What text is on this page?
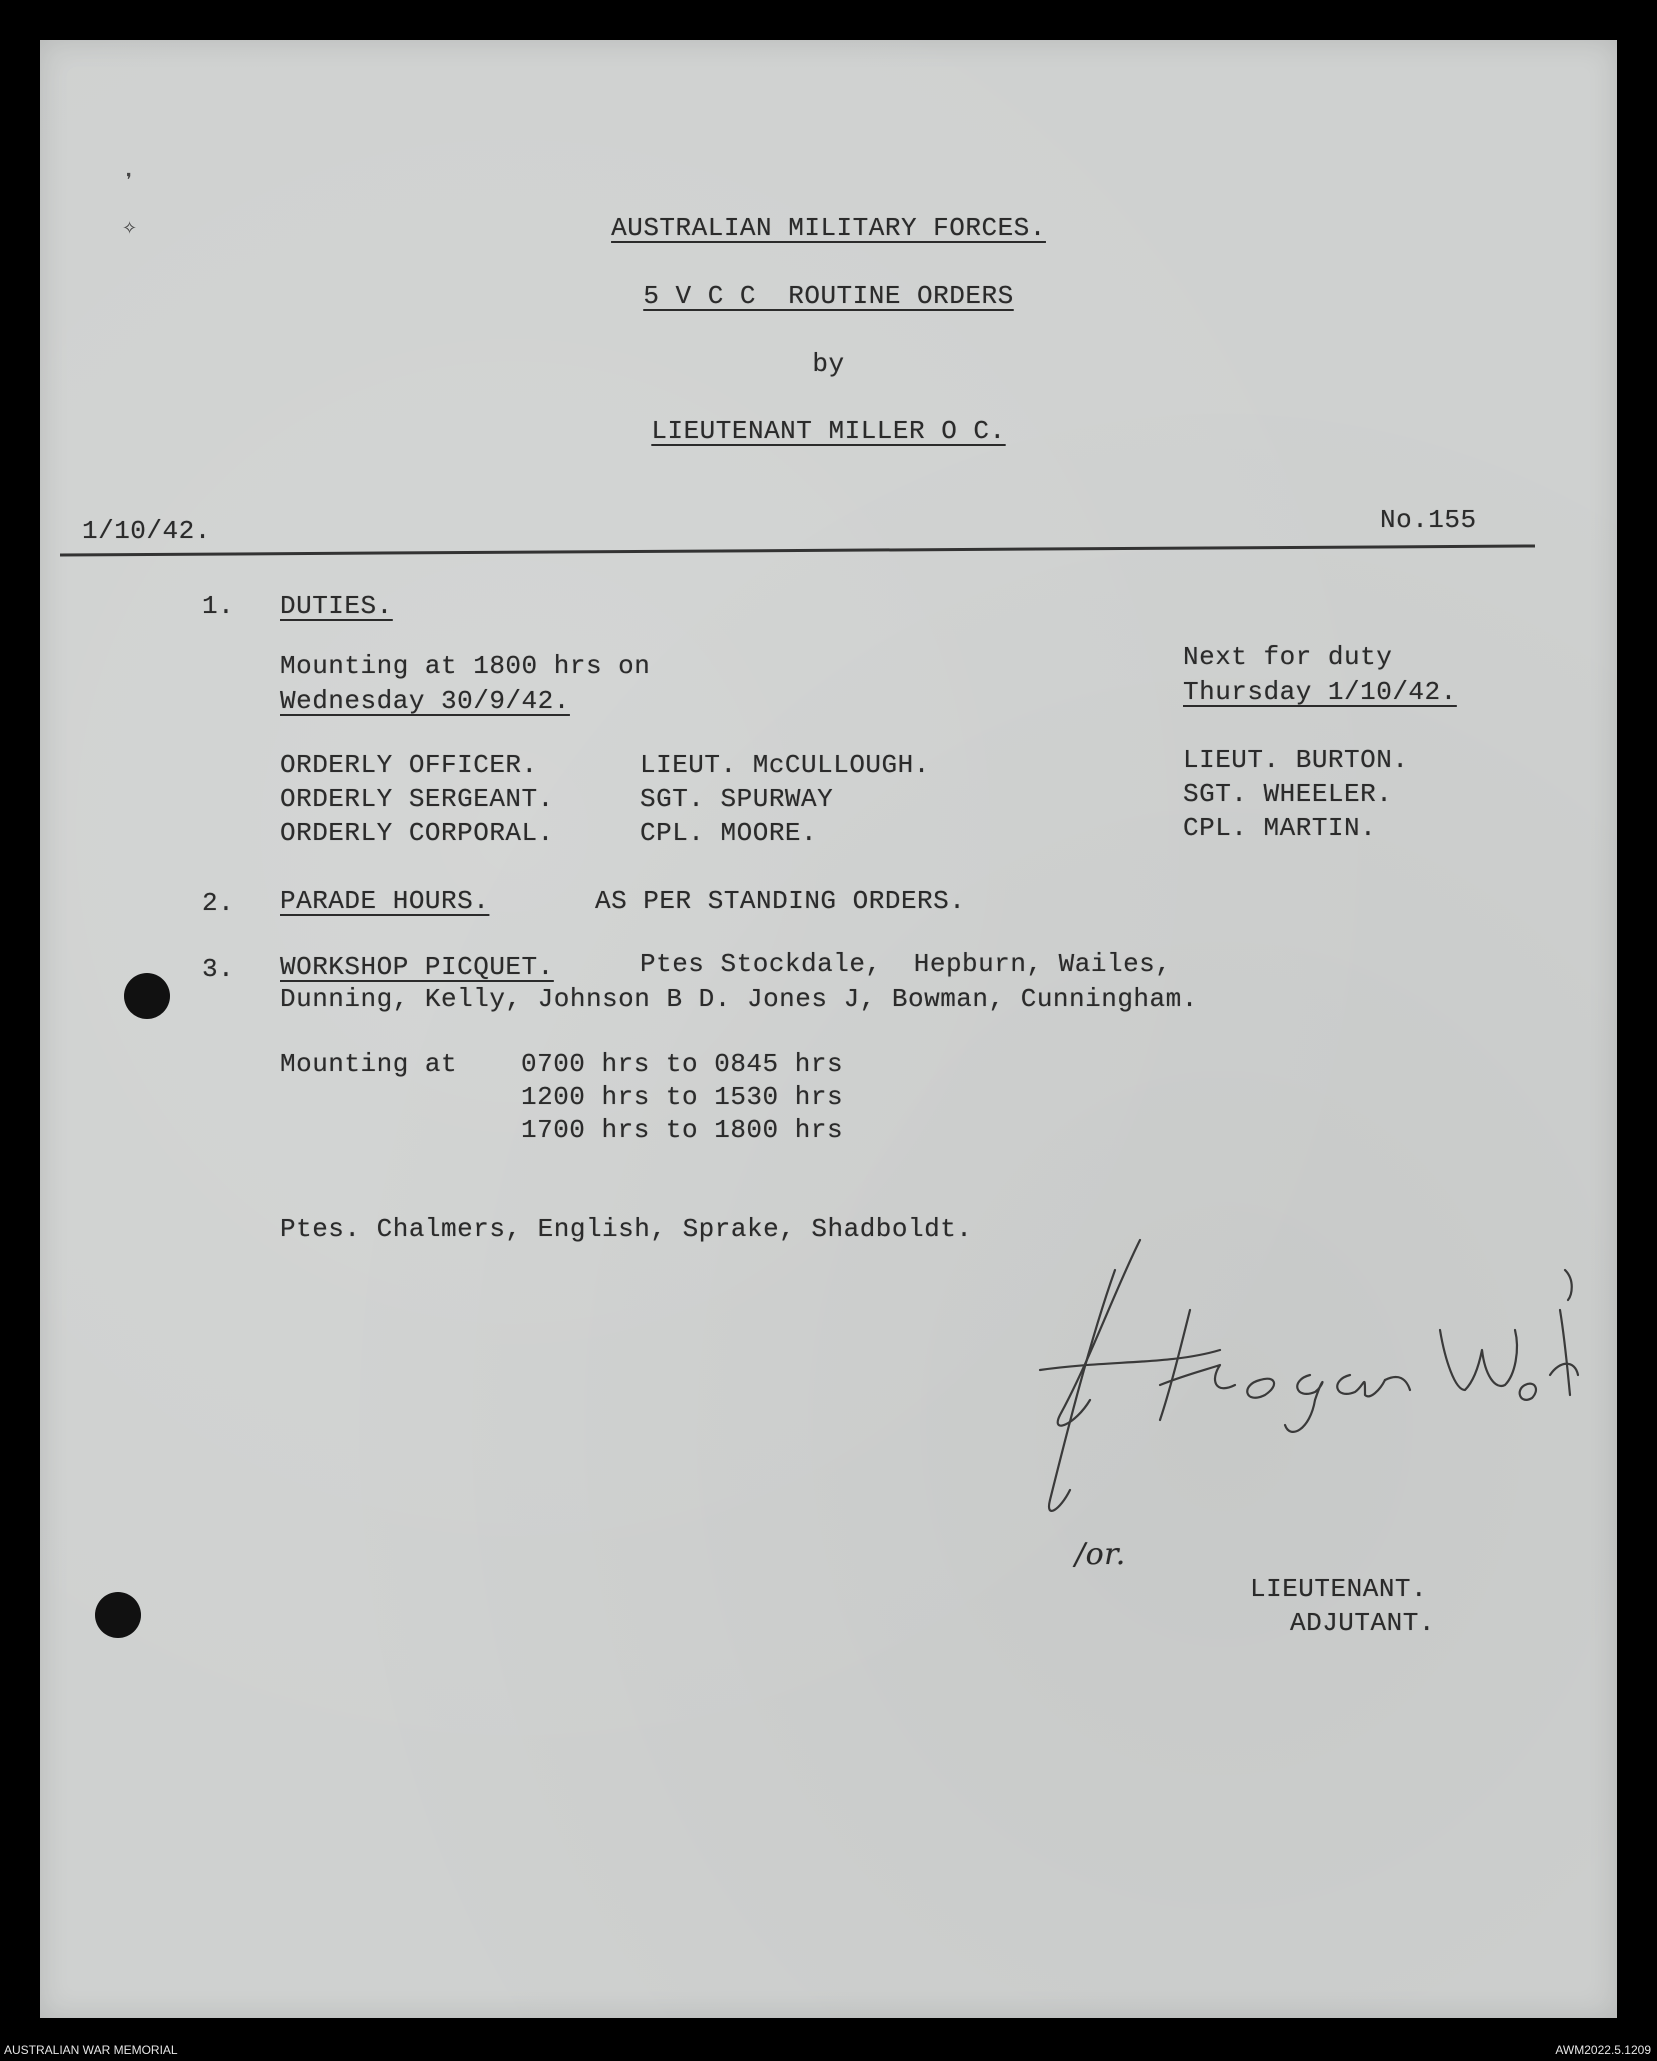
❜
✧	AUSTRALIAN MILITARY FORCES.
5 V C C  ROUTINE ORDERS
by
LIEUTENANT MILLER O C.
1/10/42.	No.155
1. DUTIES.
Mounting at 1800 hrs on
Wednesday 30/9/42.
Next for duty
Thursday 1/10/42.
ORDERLY OFFICER.	LIEUT. McCULLOUGH.	LIEUT. BURTON.
ORDERLY SERGEANT.	SGT. SPURWAY	SGT. WHEELER.
ORDERLY CORPORAL.	CPL. MOORE.	CPL. MARTIN.
2. PARADE HOURS.	AS PER STANDING ORDERS.
3. WORKSHOP PICQUET.	Ptes Stockdale,  Hepburn, Wailes,
Dunning, Kelly, Johnson B D. Jones J, Bowman, Cunningham.
Mounting at 0700 hrs to 0845 hrs
1200 hrs to 1530 hrs
1700 hrs to 1800 hrs
Ptes. Chalmers, English, Sprake, Shadboldt.
/or.
LIEUTENANT.
ADJUTANT.
AUSTRALIAN WAR MEMORIAL	AWM2022.5.1209
